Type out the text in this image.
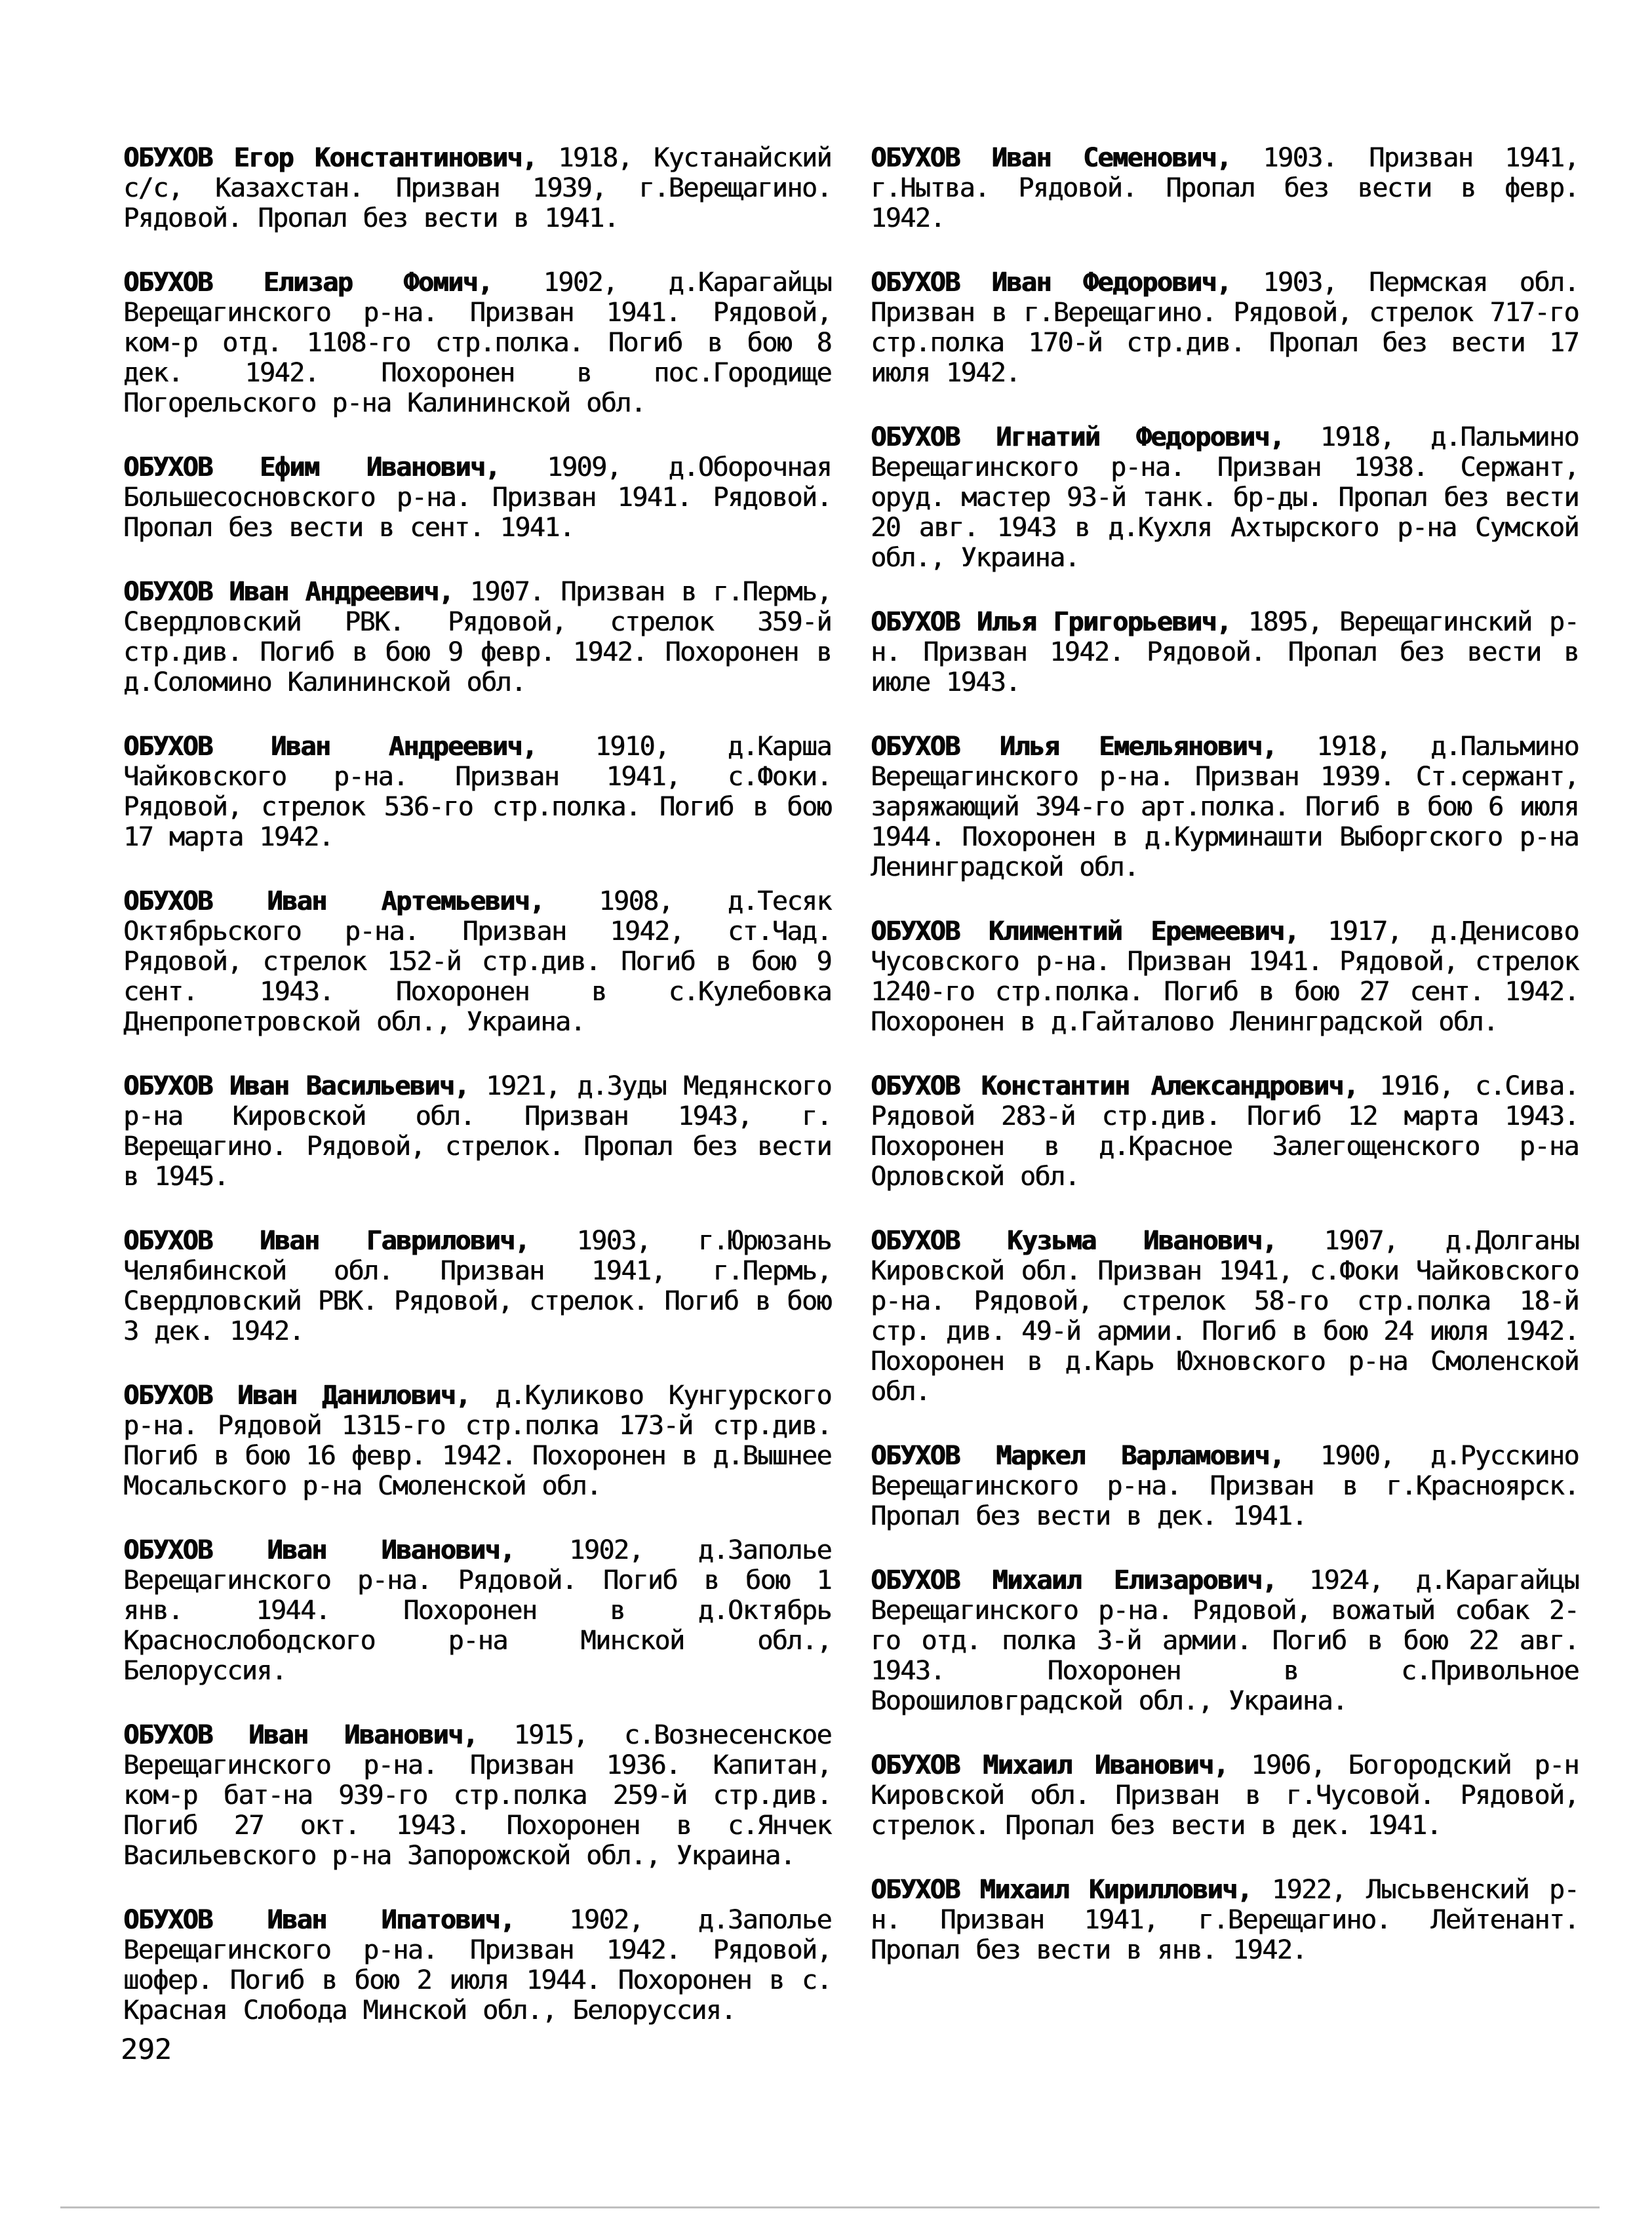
ОБУХОВ Егор Константинович, 1918, Кустанайский с/с, Казахстан. Призван 1939, г.Верещагино. Рядовой. Пропал без вести в 1941.

ОБУХОВ Елизар Фомич, 1902, д.Карагайцы Верещагинского р-на. Призван 1941. Рядовой, ком-р отд. 1108-го стр.полка. Погиб в бою 8 дек. 1942. Похоронен в пос.Городище Погорельского р-на Калининской обл.

ОБУХОВ Ефим Иванович, 1909, д.Оборочная Большесосновского р-на. Призван 1941. Рядовой. Пропал без вести в сент. 1941.

ОБУХОВ Иван Андреевич, 1907. Призван в г.Пермь, Свердловский РВК. Рядовой, стрелок 359-й стр.див. Погиб в бою 9 февр. 1942. Похоронен в д.Соломино Калининской обл.

ОБУХОВ Иван Андреевич, 1910, д.Карша Чайковского р-на. Призван 1941, с.Фоки. Рядовой, стрелок 536-го стр.полка. Погиб в бою 17 марта 1942.

ОБУХОВ Иван Артемьевич, 1908, д.Тесяк Октябрьского р-на. Призван 1942, ст.Чад. Рядовой, стрелок 152-й стр.див. Погиб в бою 9 сент. 1943. Похоронен в с.Кулебовка Днепропетровской обл., Украина.

ОБУХОВ Иван Васильевич, 1921, д.Зуды Медянского р-на Кировской обл. Призван 1943, г. Верещагино. Рядовой, стрелок. Пропал без вести в 1945.

ОБУХОВ Иван Гаврилович, 1903, г.Юрюзань Челябинской обл. Призван 1941, г.Пермь, Свердловский РВК. Рядовой, стрелок. Погиб в бою 3 дек. 1942.

ОБУХОВ Иван Данилович, д.Куликово Кунгурского р-на. Рядовой 1315-го стр.полка 173-й стр.див. Погиб в бою 16 февр. 1942. Похоронен в д.Вышнее Мосальского р-на Смоленской обл.

ОБУХОВ Иван Иванович, 1902, д.Заполье Верещагинского р-на. Рядовой. Погиб в бою 1 янв. 1944. Похоронен в д.Октябрь Краснослободского р-на Минской обл., Белоруссия.

ОБУХОВ Иван Иванович, 1915, с.Вознесенское Верещагинского р-на. Призван 1936. Капитан, ком-р бат-на 939-го стр.полка 259-й стр.див. Погиб 27 окт. 1943. Похоронен в с.Янчек Васильевского р-на Запорожской обл., Украина.

ОБУХОВ Иван Ипатович, 1902, д.Заполье Верещагинского р-на. Призван 1942. Рядовой, шофер. Погиб в бою 2 июля 1944. Похоронен в с. Красная Слобода Минской обл., Белоруссия.

ОБУХОВ Иван Семенович, 1903. Призван 1941, г.Нытва. Рядовой. Пропал без вести в февр. 1942.

ОБУХОВ Иван Федорович, 1903, Пермская обл. Призван в г.Верещагино. Рядовой, стрелок 717-го стр.полка 170-й стр.див. Пропал без вести 17 июля 1942.

ОБУХОВ Игнатий Федорович, 1918, д.Пальмино Верещагинского р-на. Призван 1938. Сержант, оруд. мастер 93-й танк. бр-ды. Пропал без вести 20 авг. 1943 в д.Кухля Ахтырского р-на Сумской обл., Украина.

ОБУХОВ Илья Григорьевич, 1895, Верещагинский р-н. Призван 1942. Рядовой. Пропал без вести в июле 1943.

ОБУХОВ Илья Емельянович, 1918, д.Пальмино Верещагинского р-на. Призван 1939. Ст.сержант, заряжающий 394-го арт.полка. Погиб в бою 6 июля 1944. Похоронен в д.Курминашти Выборгского р-на Ленинградской обл.

ОБУХОВ Климентий Еремеевич, 1917, д.Денисово Чусовского р-на. Призван 1941. Рядовой, стрелок 1240-го стр.полка. Погиб в бою 27 сент. 1942. Похоронен в д.Гайталово Ленинградской обл.

ОБУХОВ Константин Александрович, 1916, с.Сива. Рядовой 283-й стр.див. Погиб 12 марта 1943. Похоронен в д.Красное Залегощенского р-на Орловской обл.

ОБУХОВ Кузьма Иванович, 1907, д.Долганы Кировской обл. Призван 1941, с.Фоки Чайковского р-на. Рядовой, стрелок 58-го стр.полка 18-й стр. див. 49-й армии. Погиб в бою 24 июля 1942. Похоронен в д.Карь Юхновского р-на Смоленской обл.

ОБУХОВ Маркел Варламович, 1900, д.Русскино Верещагинского р-на. Призван в г.Красноярск. Пропал без вести в дек. 1941.

ОБУХОВ Михаил Елизарович, 1924, д.Карагайцы Верещагинского р-на. Рядовой, вожатый собак 2-го отд. полка 3-й армии. Погиб в бою 22 авг. 1943. Похоронен в с.Привольное Ворошиловградской обл., Украина.

ОБУХОВ Михаил Иванович, 1906, Богородский р-н Кировской обл. Призван в г.Чусовой. Рядовой, стрелок. Пропал без вести в дек. 1941.

ОБУХОВ Михаил Кириллович, 1922, Лысьвенский р-н. Призван 1941, г.Верещагино. Лейтенант. Пропал без вести в янв. 1942.

292
